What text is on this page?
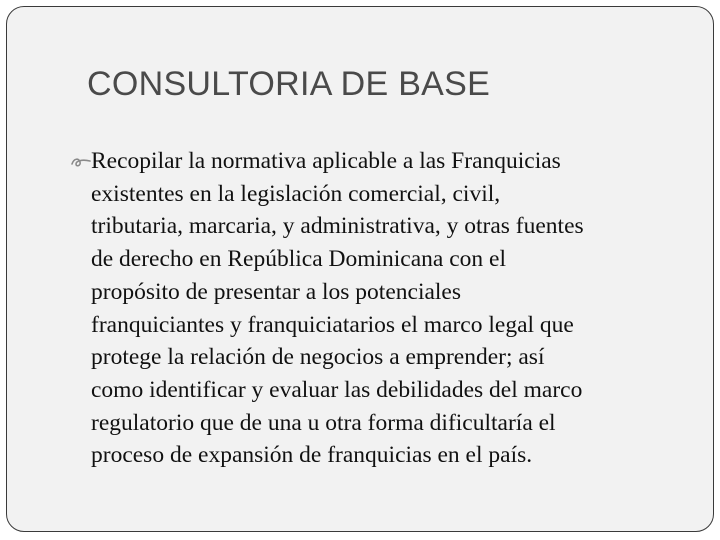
CONSULTORIA DE BASE

Recopilar la normativa aplicable a las Franquicias
existentes en la legislación comercial, civil,
tributaria, marcaria, y administrativa, y otras fuentes
de derecho en República Dominicana con el
propósito de presentar a los potenciales
franquiciantes y franquiciatarios el marco legal que
protege la relación de negocios a emprender; así
como identificar y evaluar las debilidades del marco
regulatorio que de una u otra forma dificultaría el
proceso de expansión de franquicias en el país.
